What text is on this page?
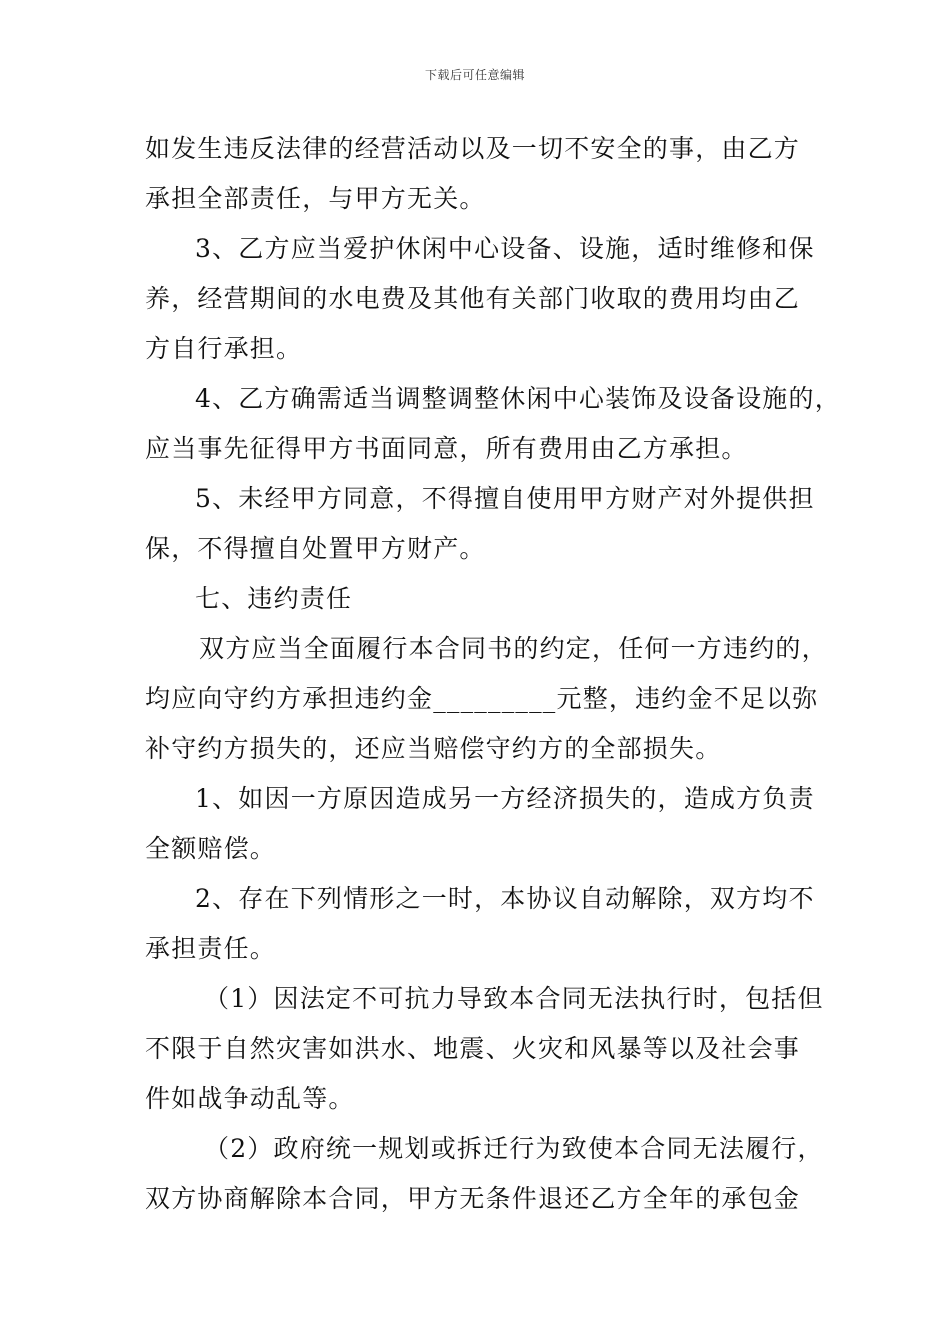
下载后可任意编辑
如发生违反法律的经营活动以及一切不安全的事，由乙方
承担全部责任，与甲方无关。
3、乙方应当爱护休闲中心设备、设施，适时维修和保
养，经营期间的水电费及其他有关部门收取的费用均由乙
方自行承担。
4、乙方确需适当调整调整休闲中心装饰及设备设施的，
应当事先征得甲方书面同意，所有费用由乙方承担。
5、未经甲方同意，不得擅自使用甲方财产对外提供担
保，不得擅自处置甲方财产。
七、违约责任
双方应当全面履行本合同书的约定，任何一方违约的，
均应向守约方承担违约金_________元整，违约金不足以弥
补守约方损失的，还应当赔偿守约方的全部损失。
1、如因一方原因造成另一方经济损失的，造成方负责
全额赔偿。
2、存在下列情形之一时，本协议自动解除，双方均不
承担责任。
（1）因法定不可抗力导致本合同无法执行时，包括但
不限于自然灾害如洪水、地震、火灾和风暴等以及社会事
件如战争动乱等。
（2）政府统一规划或拆迁行为致使本合同无法履行，
双方协商解除本合同，甲方无条件退还乙方全年的承包金
